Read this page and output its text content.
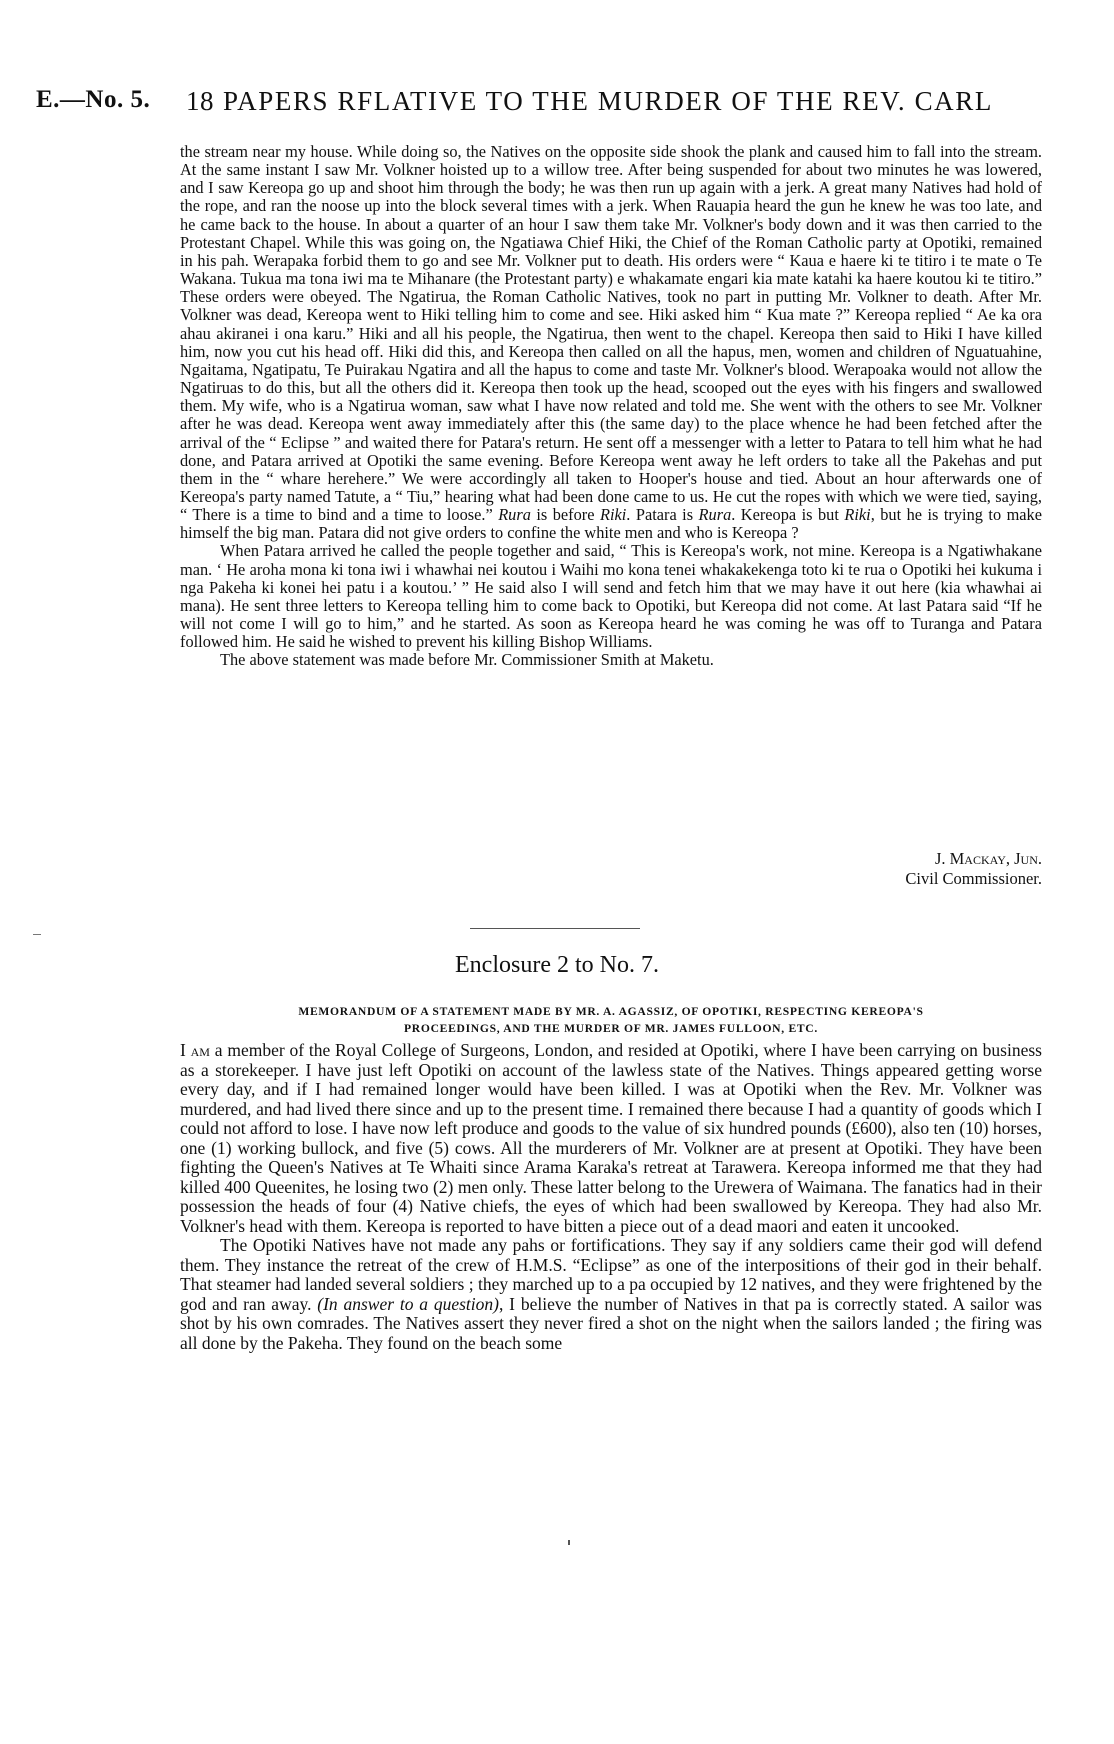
E.—No. 5. 18 PAPERS RFLATIVE TO THE MURDER OF THE REV. CARL

the stream near my house. While doing so, the Natives on the opposite side shook the plank and caused him to fall into the stream. At the same instant I saw Mr. Volkner hoisted up to a willow tree. After being suspended for about two minutes he was lowered, and I saw Kereopa go up and shoot him through the body; he was then run up again with a jerk. A great many Natives had hold of the rope, and ran the noose up into the block several times with a jerk. When Rauapia heard the gun he knew he was too late, and he came back to the house. In about a quarter of an hour I saw them take Mr. Volkner's body down and it was then carried to the Protestant Chapel. While this was going on, the Ngatiawa Chief Hiki, the Chief of the Roman Catholic party at Opotiki, remained in his pah. Werapaka forbid them to go and see Mr. Volkner put to death. His orders were “ Kaua e haere ki te titiro i te mate o Te Wakana. Tukua ma tona iwi ma te Mihanare (the Protestant party) e whakamate engari kia mate katahi ka haere koutou ki te titiro.” These orders were obeyed. The Ngatirua, the Roman Catholic Natives, took no part in putting Mr. Volkner to death. After Mr. Volkner was dead, Kereopa went to Hiki telling him to come and see. Hiki asked him “ Kua mate ?” Kereopa replied “ Ae ka ora ahau akiranei i ona karu.” Hiki and all his people, the Ngatirua, then went to the chapel. Kereopa then said to Hiki I have killed him, now you cut his head off. Hiki did this, and Kereopa then called on all the hapus, men, women and children of Nguatuahine, Ngaitama, Ngatipatu, Te Puirakau Ngatira and all the hapus to come and taste Mr. Volkner's blood. Werapoaka would not allow the Ngatiruas to do this, but all the others did it. Kereopa then took up the head, scooped out the eyes with his fingers and swallowed them. My wife, who is a Ngatirua woman, saw what I have now related and told me. She went with the others to see Mr. Volkner after he was dead. Kereopa went away immediately after this (the same day) to the place whence he had been fetched after the arrival of the “ Eclipse ” and waited there for Patara's return. He sent off a messenger with a letter to Patara to tell him what he had done, and Patara arrived at Opotiki the same evening. Before Kereopa went away he left orders to take all the Pakehas and put them in the “ whare herehere.” We were accordingly all taken to Hooper's house and tied. About an hour afterwards one of Kereopa's party named Tatute, a “ Tiu,” hearing what had been done came to us. He cut the ropes with which we were tied, saying, “ There is a time to bind and a time to loose.” Rura is before Riki. Patara is Rura. Kereopa is but Riki, but he is trying to make himself the big man. Patara did not give orders to confine the white men and who is Kereopa ?

When Patara arrived he called the people together and said, “ This is Kereopa's work, not mine. Kereopa is a Ngatiwhakane man. ‘ He aroha mona ki tona iwi i whawhai nei koutou i Waihi mo kona tenei whakakekenga toto ki te rua o Opotiki hei kukuma i nga Pakeha ki konei hei patu i a koutou.’ ” He said also I will send and fetch him that we may have it out here (kia whawhai ai mana). He sent three letters to Kereopa telling him to come back to Opotiki, but Kereopa did not come. At last Patara said “If he will not come I will go to him,” and he started. As soon as Kereopa heard he was coming he was off to Turanga and Patara followed him. He said he wished to prevent his killing Bishop Williams.

The above statement was made before Mr. Commissioner Smith at Maketu.

J. Mackay, Jun.
Civil Commissioner.
Enclosure 2 to No. 7.
MEMORANDUM OF A STATEMENT MADE BY MR. A. AGASSIZ, OF OPOTIKI, RESPECTING KEREOPA'S
PROCEEDINGS, AND THE MURDER OF MR. JAMES FULLOON, ETC.

I am a member of the Royal College of Surgeons, London, and resided at Opotiki, where I have been carrying on business as a storekeeper. I have just left Opotiki on account of the lawless state of the Natives. Things appeared getting worse every day, and if I had remained longer would have been killed. I was at Opotiki when the Rev. Mr. Volkner was murdered, and had lived there since and up to the present time. I remained there because I had a quantity of goods which I could not afford to lose. I have now left produce and goods to the value of six hundred pounds (£600), also ten (10) horses, one (1) working bullock, and five (5) cows. All the murderers of Mr. Volkner are at present at Opotiki. They have been fighting the Queen's Natives at Te Whaiti since Arama Karaka's retreat at Tarawera. Kereopa informed me that they had killed 400 Queenites, he losing two (2) men only. These latter belong to the Urewera of Waimana. The fanatics had in their possession the heads of four (4) Native chiefs, the eyes of which had been swallowed by Kereopa. They had also Mr. Volkner's head with them. Kereopa is reported to have bitten a piece out of a dead maori and eaten it uncooked.

The Opotiki Natives have not made any pahs or fortifications. They say if any soldiers came their god will defend them. They instance the retreat of the crew of H.M.S. “Eclipse” as one of the interpositions of their god in their behalf. That steamer had landed several soldiers ; they marched up to a pa occupied by 12 natives, and they were frightened by the god and ran away. (In answer to a question), I believe the number of Natives in that pa is correctly stated. A sailor was shot by his own comrades. The Natives assert they never fired a shot on the night when the sailors landed ; the firing was all done by the Pakeha. They found on the beach some
